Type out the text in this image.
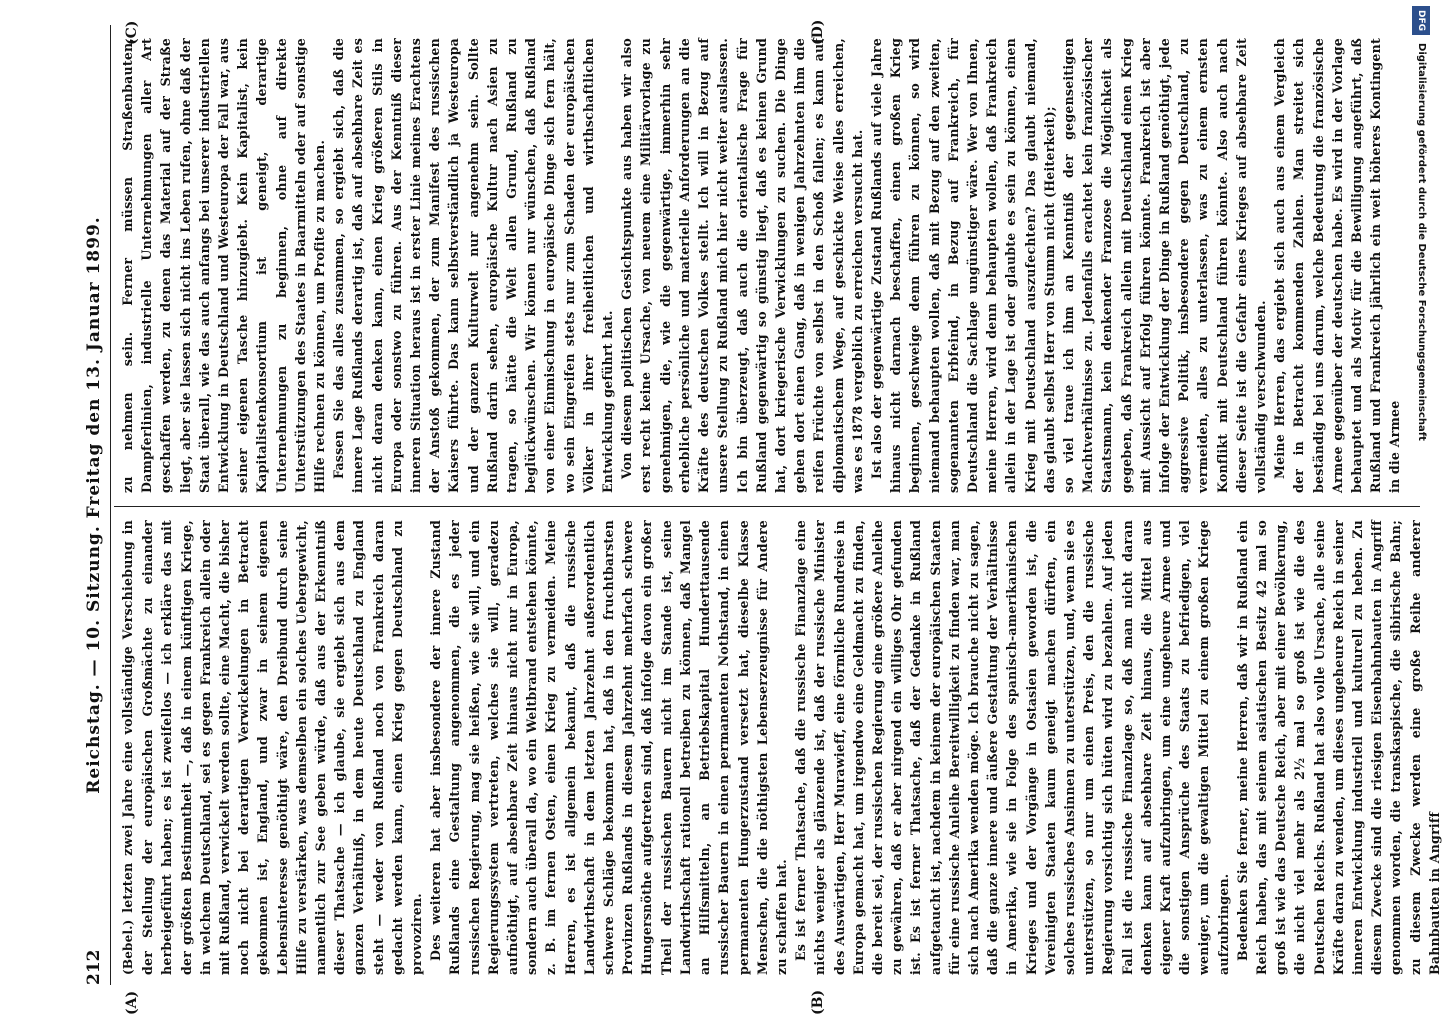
212
Reichstag. — 10. Sitzung. Freitag den 13. Januar 1899.
(A)	(B)
(C)	(D)

(Bebel.) letzten zwei Jahre eine vollständige Verschiebung in der Stellung der europäischen Großmächte zu einander herbeigeführt haben; es ist zweifellos — ich erkläre das mit der größten Bestimmtheit —, daß in einem künftigen Kriege, in welchem Deutschland, sei es gegen Frankreich allein oder mit Rußland, verwickelt werden sollte, eine Macht, die bisher noch nicht bei derartigen Verwickelungen in Betracht gekommen ist, England, und zwar in seinem eigenen Lebensinteresse genöthigt wäre, den Dreibund durch seine Hilfe zu verstärken, was demselben ein solches Uebergewicht, namentlich zur See geben würde, daß aus der Erkenntniß dieser Thatsache — ich glaube, sie ergiebt sich aus dem ganzen Verhältniß, in dem heute Deutschland zu England steht — weder von Rußland noch von Frankreich daran gedacht werden kann, einen Krieg gegen Deutschland zu provoziren. Des weiteren hat aber insbesondere der innere Zustand Rußlands eine Gestaltung angenommen, die es jeder russischen Regierung, mag sie heißen, wie sie will, und ein Regierungssystem vertreten, welches sie will, geradezu aufnöthigt, auf absehbare Zeit hinaus nicht nur in Europa, sondern auch überall da, wo ein Weltbrand entstehen könnte, z. B. im fernen Osten, einen Krieg zu vermeiden. Meine Herren, es ist allgemein bekannt, daß die russische Landwirthschaft in dem letzten Jahrzehnt außerordentlich schwere Schläge bekommen hat, daß in den fruchtbarsten Provinzen Rußlands in diesem Jahrzehnt mehrfach schwere Hungersnöthe aufgetreten sind, daß infolge davon ein großer Theil der russischen Bauern nicht im Stande ist, seine Landwirthschaft rationell betreiben zu können, daß Mangel an Hilfsmitteln, an Betriebskapital Hunderttausende russischer Bauern in einen permanenten Nothstand, in einen permanenten Hungerzustand versetzt hat, dieselbe Klasse Menschen, die die nöthigsten Lebenserzeugnisse für Andere zu schaffen hat. Es ist ferner Thatsache, daß die russische Finanzlage eine nichts weniger als glänzende ist, daß der russische Minister des Auswärtigen, Herr Murawieff, eine förmliche Rundreise in Europa gemacht hat, um irgendwo eine Geldmacht zu finden, die bereit sei, der russischen Regierung eine größere Anleihe zu gewähren, daß er aber nirgend ein williges Ohr gefunden ist. Es ist ferner Thatsache, daß der Gedanke in Rußland aufgetaucht ist, nachdem in keinem der europäischen Staaten für eine russische Anleihe Bereitwilligkeit zu finden war, man sich nach Amerika wenden möge. Ich brauche nicht zu sagen, daß die ganze innere und äußere Gestaltung der Verhältnisse in Amerika, wie sie in Folge des spanisch-amerikanischen Krieges und der Vorgänge in Ostasien geworden ist, die Vereinigten Staaten kaum geneigt machen dürften, ein solches russisches Ansinnen zu unterstützen, und, wenn sie es unterstützen, so nur um einen Preis, den die russische Regierung vorsichtig sich hüten wird zu bezahlen. Auf jeden Fall ist die russische Finanzlage so, daß man nicht daran denken kann auf absehbare Zeit hinaus, die Mittel aus eigener Kraft aufzubringen, um eine ungeheure Armee und die sonstigen Ansprüche des Staats zu befriedigen, viel weniger, um die gewaltigen Mittel zu einem großen Kriege aufzubringen. Bedenken Sie ferner, meine Herren, daß wir in Rußland ein Reich haben, das mit seinem asiatischen Besitz 42 mal so groß ist wie das Deutsche Reich, aber mit einer Bevölkerung, die nicht viel mehr als 2½ mal so groß ist wie die des Deutschen Reichs. Rußland hat also volle Ursache, alle seine Kräfte daran zu wenden, um dieses ungeheure Reich in seiner inneren Entwicklung industriell und kulturell zu heben. Zu diesem Zwecke sind die riesigen Eisenbahnbauten in Angriff genommen worden, die transkaspische, die sibirische Bahn; zu diesem Zwecke werden eine große Reihe anderer Bahnbauten in Angriff

zu nehmen sein. Ferner müssen Straßenbauten, Dampferlinien, industrielle Unternehmungen aller Art geschaffen werden, zu denen das Material auf der Straße liegt, aber sie lassen sich nicht ins Leben rufen, ohne daß der Staat überall, wie das auch anfangs bei unserer industriellen Entwicklung in Deutschland und Westeuropa der Fall war, aus seiner eigenen Tasche hinzugiebt. Kein Kapitalist, kein Kapitalistenkonsortium ist geneigt, derartige Unternehmungen zu beginnen, ohne auf direkte Unterstützungen des Staates in Baarmitteln oder auf sonstige Hilfe rechnen zu können, um Profite zu machen. Fassen Sie das alles zusammen, so ergiebt sich, daß die innere Lage Rußlands derartig ist, daß auf absehbare Zeit es nicht daran denken kann, einen Krieg größeren Stils in Europa oder sonstwo zu führen. Aus der Kenntniß dieser inneren Situation heraus ist in erster Linie meines Erachtens der Anstoß gekommen, der zum Manifest des russischen Kaisers führte. Das kann selbstverständlich ja Westeuropa und der ganzen Kulturwelt nur angenehm sein. Sollte Rußland darin sehen, europäische Kultur nach Asien zu tragen, so hätte die Welt allen Grund, Rußland zu beglückwünschen. Wir können nur wünschen, daß Rußland von einer Einmischung in europäische Dinge sich fern hält, wo sein Eingreifen stets nur zum Schaden der europäischen Völker in ihrer freiheitlichen und wirthschaftlichen Entwicklung geführt hat. Von diesem politischen Gesichtspunkte aus haben wir also erst recht keine Ursache, von neuem eine Militärvorlage zu genehmigen, die, wie die gegenwärtige, immerhin sehr erhebliche persönliche und materielle Anforderungen an die Kräfte des deutschen Volkes stellt. Ich will in Bezug auf unsere Stellung zu Rußland mich hier nicht weiter auslassen. Ich bin überzeugt, daß auch die orientalische Frage für Rußland gegenwärtig so günstig liegt, daß es keinen Grund hat, dort kriegerische Verwicklungen zu suchen. Die Dinge gehen dort einen Gang, daß in wenigen Jahrzehnten ihm die reifen Früchte von selbst in den Schoß fallen; es kann auf diplomatischem Wege, auf geschickte Weise alles erreichen, was es 1878 vergeblich zu erreichen versucht hat. Ist also der gegenwärtige Zustand Rußlands auf viele Jahre hinaus nicht darnach beschaffen, einen großen Krieg beginnen, geschweige denn führen zu können, so wird niemand behaupten wollen, daß mit Bezug auf den zweiten, sogenannten Erbfeind, in Bezug auf Frankreich, für Deutschland die Sachlage ungünstiger wäre. Wer von Ihnen, meine Herren, wird denn behaupten wollen, daß Frankreich allein in der Lage ist oder glaubte es sein zu können, einen Krieg mit Deutschland auszufechten? Das glaubt niemand, das glaubt selbst Herr von Stumm nicht (Heiterkeit); so viel traue ich ihm an Kenntniß der gegenseitigen Machtverhältnisse zu. Jedenfalls erachtet kein französischer Staatsmann, kein denkender Franzose die Möglichkeit als gegeben, daß Frankreich allein mit Deutschland einen Krieg mit Aussicht auf Erfolg führen könnte. Frankreich ist aber infolge der Entwicklung der Dinge in Rußland genöthigt, jede aggressive Politik, insbesondere gegen Deutschland, zu vermeiden, alles zu unterlassen, was zu einem ernsten Konflikt mit Deutschland führen könnte. Also auch nach dieser Seite ist die Gefahr eines Krieges auf absehbare Zeit vollständig verschwunden. Meine Herren, das ergiebt sich auch aus einem Vergleich der in Betracht kommenden Zahlen. Man streitet sich beständig bei uns darum, welche Bedeutung die französische Armee gegenüber der deutschen habe. Es wird in der Vorlage behauptet und als Motiv für die Bewilligung angeführt, daß Rußland und Frankreich jährlich ein weit höheres Kontingent in die Armee

DFGDigitalisierung gefördert durch die Deutsche Forschungsgemeinschaft
